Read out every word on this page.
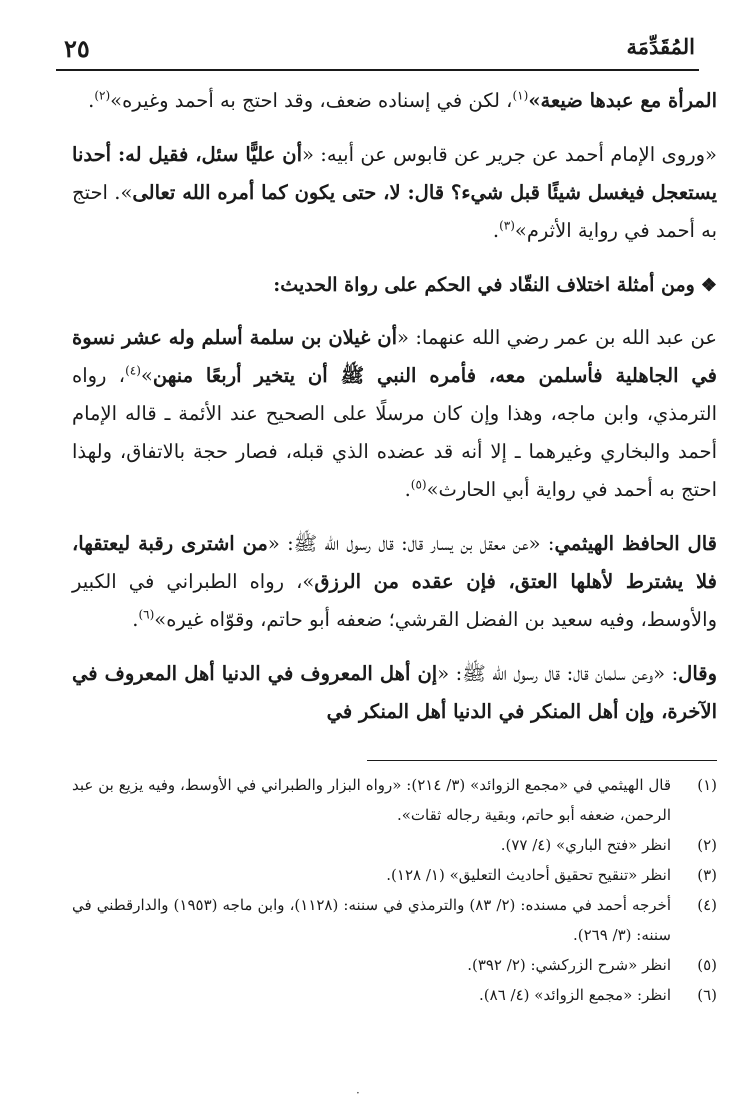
٢٥	المُقَدِّمَة

المرأة مع عبدها ضيعة»$^{(١)}$، لكن في إسناده ضعف، وقد احتج به أحمد وغيره»$^{(٢)}$.

«وروى الإمام أحمد عن جرير عن قابوس عن أبيه: «أن عليًّا سئل، فقيل له: أحدنا يستعجل فيغسل شيئًا قبل شيء؟ قال: لا، حتى يكون كما أمره الله تعالى». احتج به أحمد في رواية الأثرم»$^{(٣)}$.

❖ومن أمثلة اختلاف النقّاد في الحكم على رواة الحديث:

عن عبد الله بن عمر رضي الله عنهما: «أن غيلان بن سلمة أسلم وله عشر نسوة في الجاهلية فأسلمن معه، فأمره النبي ﷺ أن يتخير أربعًا منهن»$^{(٤)}$، رواه الترمذي، وابن ماجه، وهذا وإن كان مرسلًا على الصحيح عند الأئمة ـ قاله الإمام أحمد والبخاري وغيرهما ـ إلا أنه قد عضده الذي قبله، فصار حجة بالاتفاق، ولهذا احتج به أحمد في رواية أبي الحارث»$^{(٥)}$.

قال الحافظ الهيثمي: «عن معقل بن يسار قال: قال رسول الله ﷺ: «من اشترى رقبة ليعتقها، فلا يشترط لأهلها العتق، فإن عقده من الرزق»، رواه الطبراني في الكبير والأوسط، وفيه سعيد بن الفضل القرشي؛ ضعفه أبو حاتم، وقوّاه غيره»$^{(٦)}$.

وقال: «وعن سلمان قال: قال رسول الله ﷺ: «إن أهل المعروف في الدنيا أهل المعروف في الآخرة، وإن أهل المنكر في الدنيا أهل المنكر في

(١)
قال الهيثمي في «مجمع الزوائد» (٣/ ٢١٤): «رواه البزار والطبراني في الأوسط، وفيه يزيع بن عبد الرحمن، ضعفه أبو حاتم، وبقية رجاله ثقات».

(٢)
انظر «فتح الباري» (٤/ ٧٧).

(٣)
انظر «تنقيح تحقيق أحاديث التعليق» (١/ ١٢٨).

(٤)
أخرجه أحمد في مسنده: (٢/ ٨٣) والترمذي في سننه: (١١٢٨)، وابن ماجه (١٩٥٣) والدارقطني في سننه: (٣/ ٢٦٩).

(٥)
انظر «شرح الزركشي: (٢/ ٣٩٢).

(٦)
انظر: «مجمع الزوائد» (٤/ ٨٦).

·
